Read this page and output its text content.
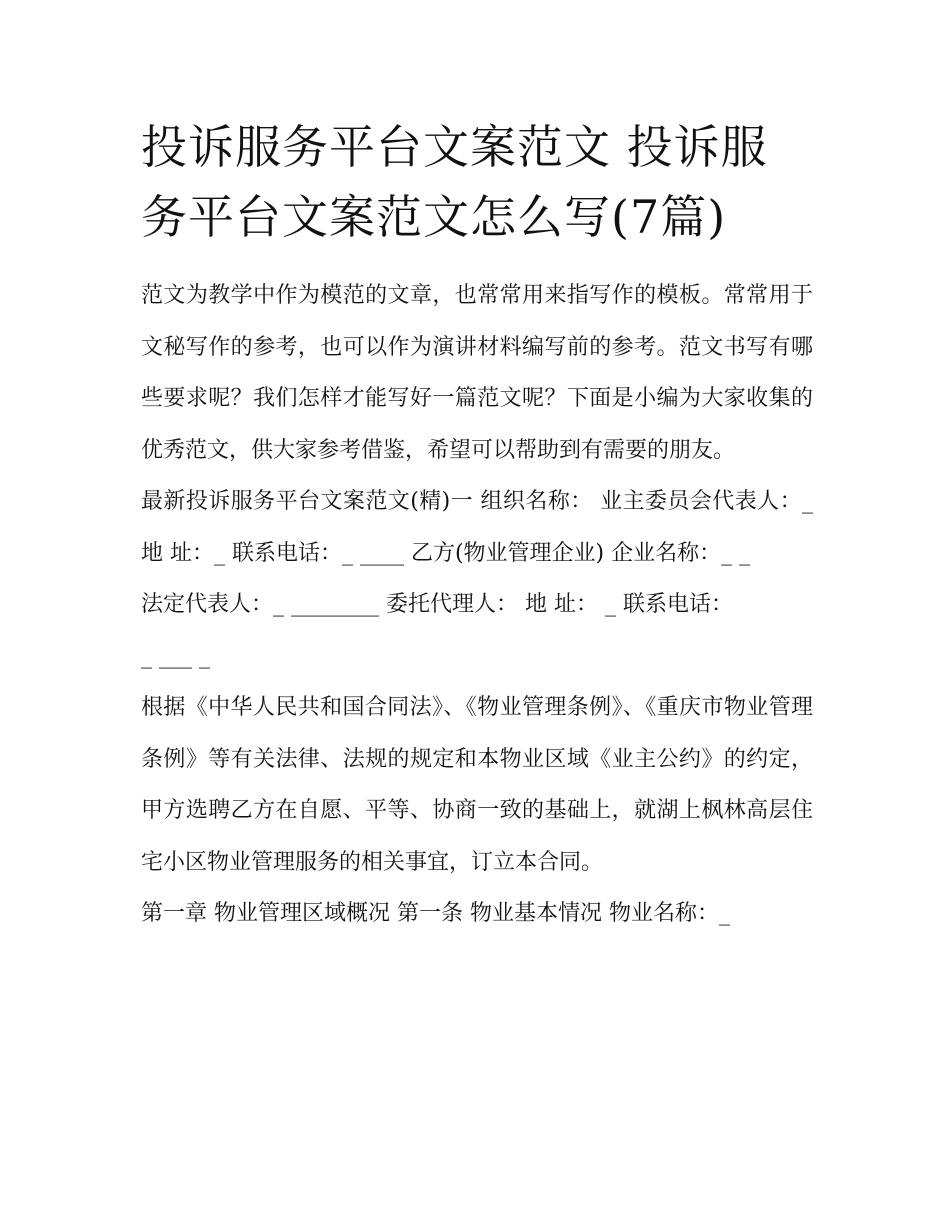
投诉服务平台文案范文 投诉服
务平台文案范文怎么写(7篇)

范文为教学中作为模范的文章，也常常用来指写作的模板。常常用于文秘写作的参考，也可以作为演讲材料编写前的参考。范文书写有哪些要求呢？我们怎样才能写好一篇范文呢？下面是小编为大家收集的优秀范文，供大家参考借鉴，希望可以帮助到有需要的朋友。

最新投诉服务平台文案范文(精)一 组织名称： 业主委员会代表人：_ 地 址：_ 联系电话：_ ____ 乙方(物业管理企业) 企业名称：_ _

法定代表人：_ ________ 委托代理人： 地 址： _ 联系电话：

_ ___ _

根据《中华人民共和国合同法》、《物业管理条例》、《重庆市物业管理条例》等有关法律、法规的规定和本物业区域《业主公约》的约定，甲方选聘乙方在自愿、平等、协商一致的基础上，就湖上枫林高层住宅小区物业管理服务的相关事宜，订立本合同。

第一章 物业管理区域概况 第一条 物业基本情况 物业名称：_
